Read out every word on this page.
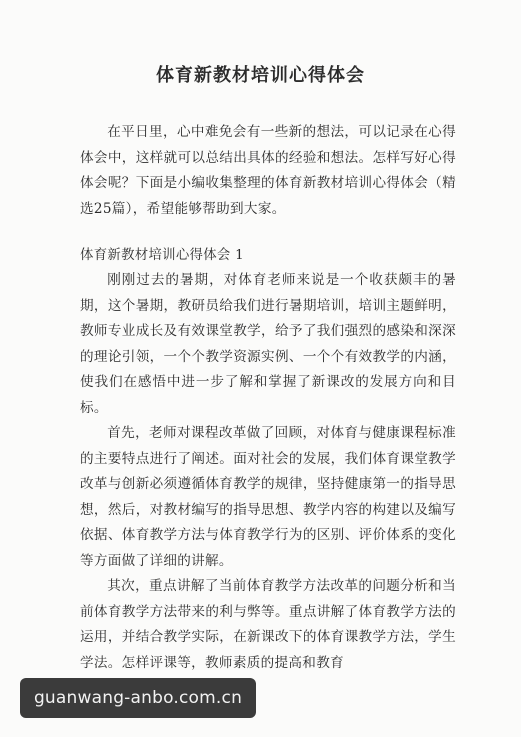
体育新教材培训心得体会

在平日里，心中难免会有一些新的想法，可以记录在心得体会中，这样就可以总结出具体的经验和想法。怎样写好心得体会呢？下面是小编收集整理的体育新教材培训心得体会（精选25篇），希望能够帮助到大家。

体育新教材培训心得体会 1

刚刚过去的暑期，对体育老师来说是一个收获颇丰的暑期，这个暑期，教研员给我们进行暑期培训，培训主题鲜明，教师专业成长及有效课堂教学，给予了我们强烈的感染和深深的理论引领，一个个教学资源实例、一个个有效教学的内涵，使我们在感悟中进一步了解和掌握了新课改的发展方向和目标。

首先，老师对课程改革做了回顾，对体育与健康课程标准的主要特点进行了阐述。面对社会的发展，我们体育课堂教学改革与创新必须遵循体育教学的规律，坚持健康第一的指导思想，然后，对教材编写的指导思想、教学内容的构建以及编写依据、体育教学方法与体育教学行为的区别、评价体系的变化等方面做了详细的讲解。

其次，重点讲解了当前体育教学方法改革的问题分析和当前体育教学方法带来的利与弊等。重点讲解了体育教学方法的运用，并结合教学实际，在新课改下的体育课教学方法，学生学法。怎样评课等，教师素质的提高和教育

guanwang-anbo.com.cn
